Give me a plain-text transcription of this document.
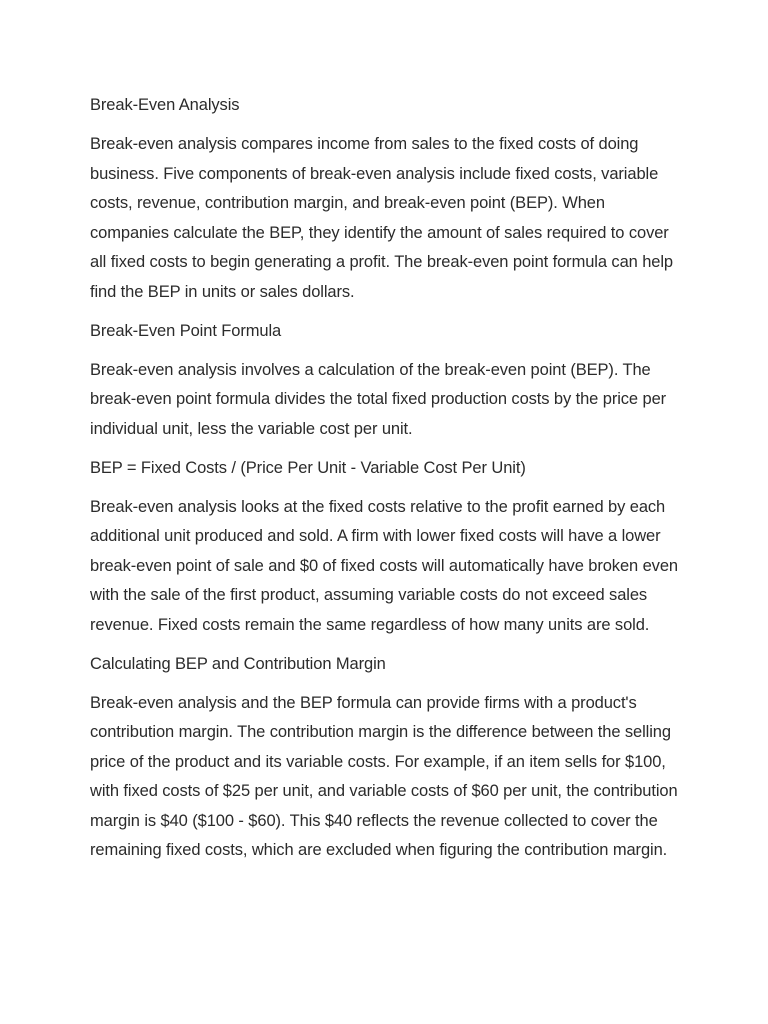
Break-Even Analysis

Break-even analysis compares income from sales to the fixed costs of doing business. Five components of break-even analysis include fixed costs, variable costs, revenue, contribution margin, and break-even point (BEP). When companies calculate the BEP, they identify the amount of sales required to cover all fixed costs to begin generating a profit. The break-even point formula can help find the BEP in units or sales dollars.

Break-Even Point Formula

Break-even analysis involves a calculation of the break-even point (BEP). The break-even point formula divides the total fixed production costs by the price per individual unit, less the variable cost per unit.

BEP = Fixed Costs / (Price Per Unit - Variable Cost Per Unit)

Break-even analysis looks at the fixed costs relative to the profit earned by each additional unit produced and sold. A firm with lower fixed costs will have a lower break-even point of sale and $0 of fixed costs will automatically have broken even with the sale of the first product, assuming variable costs do not exceed sales revenue. Fixed costs remain the same regardless of how many units are sold.

Calculating BEP and Contribution Margin

Break-even analysis and the BEP formula can provide firms with a product's contribution margin. The contribution margin is the difference between the selling price of the product and its variable costs. For example, if an item sells for $100, with fixed costs of $25 per unit, and variable costs of $60 per unit, the contribution margin is $40 ($100 - $60). This $40 reflects the revenue collected to cover the remaining fixed costs, which are excluded when figuring the contribution margin.
